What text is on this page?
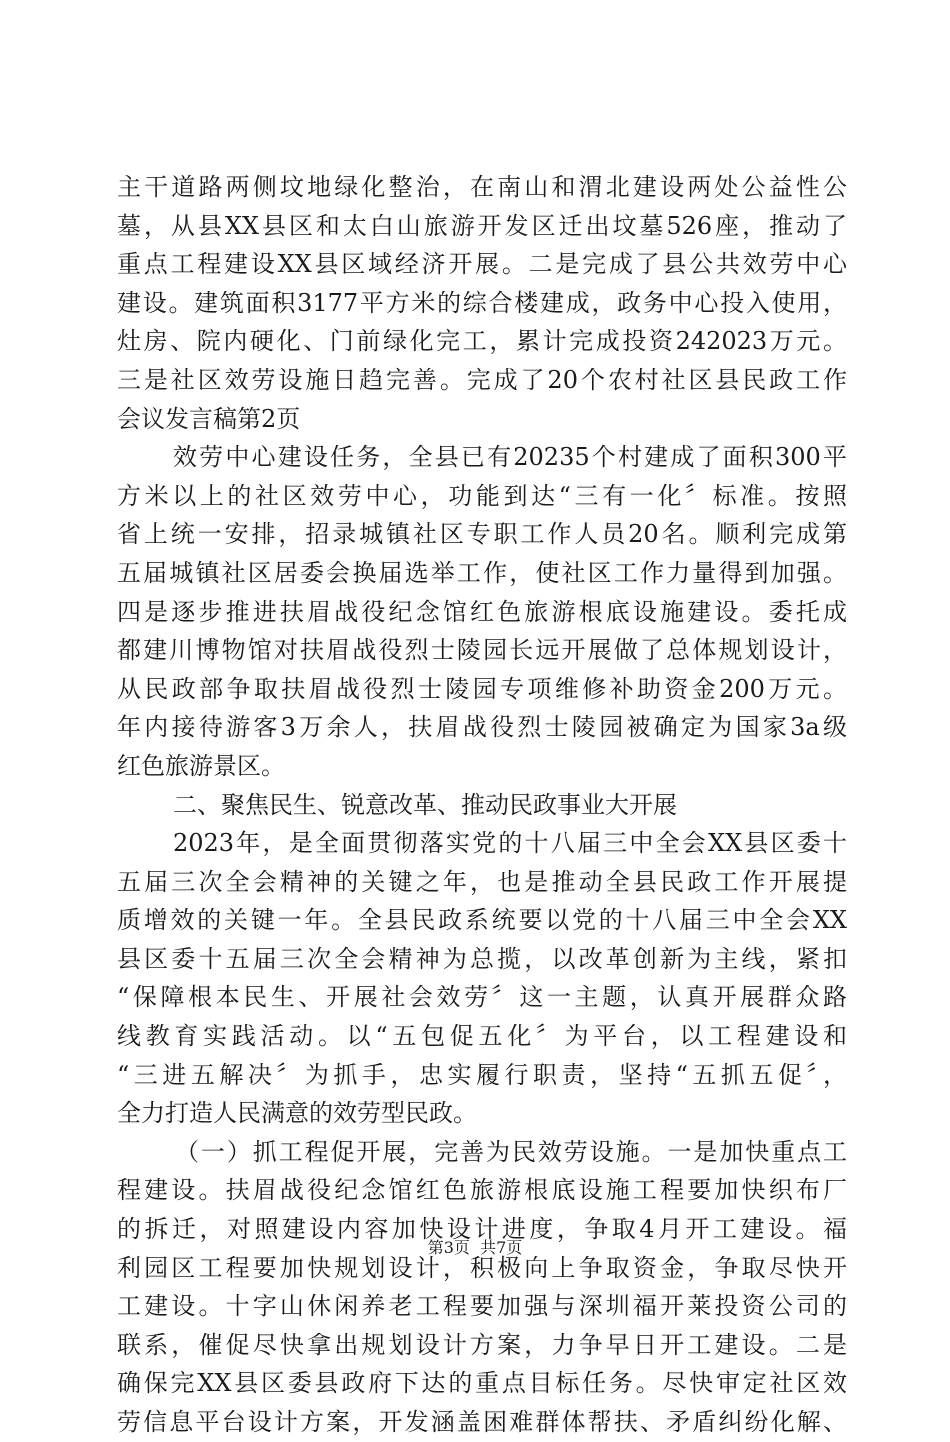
主干道路两侧坟地绿化整治，在南山和渭北建设两处公益性公
墓，从县XX县区和太白山旅游开发区迁出坟墓526座，推动了
重点工程建设XX县区域经济开展。二是完成了县公共效劳中心
建设。建筑面积3177平方米的综合楼建成，政务中心投入使用，
灶房、院内硬化、门前绿化完工，累计完成投资242023万元。
三是社区效劳设施日趋完善。完成了20个农村社区县民政工作
会议发言稿第2页
效劳中心建设任务，全县已有20235个村建成了面积300平
方米以上的社区效劳中心，功能到达“三有一化〞标准。按照
省上统一安排，招录城镇社区专职工作人员20名。顺利完成第
五届城镇社区居委会换届选举工作，使社区工作力量得到加强。
四是逐步推进扶眉战役纪念馆红色旅游根底设施建设。委托成
都建川博物馆对扶眉战役烈士陵园长远开展做了总体规划设计，
从民政部争取扶眉战役烈士陵园专项维修补助资金200万元。
年内接待游客3万余人，扶眉战役烈士陵园被确定为国家3a级
红色旅游景区。
二、聚焦民生、锐意改革、推动民政事业大开展
2023年，是全面贯彻落实党的十八届三中全会XX县区委十
五届三次全会精神的关键之年，也是推动全县民政工作开展提
质增效的关键一年。全县民政系统要以党的十八届三中全会XX
县区委十五届三次全会精神为总揽，以改革创新为主线，紧扣
“保障根本民生、开展社会效劳〞这一主题，认真开展群众路
线教育实践活动。以“五包促五化〞为平台，以工程建设和
“三进五解决〞为抓手，忠实履行职责，坚持“五抓五促〞，
全力打造人民满意的效劳型民政。
（一）抓工程促开展，完善为民效劳设施。一是加快重点工
程建设。扶眉战役纪念馆红色旅游根底设施工程要加快织布厂
的拆迁，对照建设内容加快设计进度，争取4月开工建设。福
利园区工程要加快规划设计，积极向上争取资金，争取尽快开
工建设。十字山休闲养老工程要加强与深圳福开莱投资公司的
联系，催促尽快拿出规划设计方案，力争早日开工建设。二是
确保完XX县区委县政府下达的重点目标任务。尽快审定社区效
劳信息平台设计方案，开发涵盖困难群体帮扶、矛盾纠纷化解、
第3页  共7页
